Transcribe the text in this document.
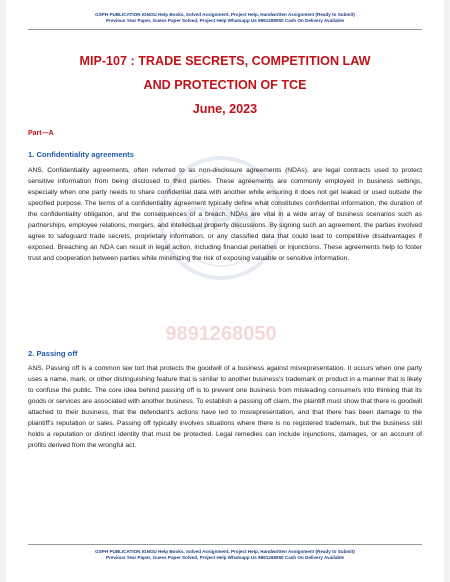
GSPH PUBLICATION IGNOU Help Books, Solved Assignment, Project Help, Handwritten Assignment (Ready to Submit)
Previous Year Paper, Guess Paper Solved, Project Help Whatsapp Us 9891268050 Cash On Delivery Available
GPH
9891268050
MIP-107 : TRADE SECRETS, COMPETITION LAW
AND PROTECTION OF TCE
June, 2023
Part—A
1. Confidentiality agreements

ANS. Confidentiality agreements, often referred to as non-disclosure agreements (NDAs), are legal contracts used to protect sensitive information from being disclosed to third parties. These agreements are commonly employed in business settings, especially when one party needs to share confidential data with another while ensuring it does not get leaked or used outside the specified purpose. The terms of a confidentiality agreement typically define what constitutes confidential information, the duration of the confidentiality obligation, and the consequences of a breach. NDAs are vital in a wide array of business scenarios such as partnerships, employee relations, mergers, and intellectual property discussions. By signing such an agreement, the parties involved agree to safeguard trade secrets, proprietary information, or any classified data that could lead to competitive disadvantages if exposed. Breaching an NDA can result in legal action, including financial penalties or injunctions. These agreements help to foster trust and cooperation between parties while minimizing the risk of exposing valuable or sensitive information.

2. Passing off

ANS. Passing off is a common law tort that protects the goodwill of a business against misrepresentation. It occurs when one party uses a name, mark, or other distinguishing feature that is similar to another business's trademark or product in a manner that is likely to confuse the public. The core idea behind passing off is to prevent one business from misleading consumers into thinking that its goods or services are associated with another business. To establish a passing off claim, the plaintiff must show that there is goodwill attached to their business, that the defendant's actions have led to misrepresentation, and that there has been damage to the plaintiff's reputation or sales. Passing off typically involves situations where there is no registered trademark, but the business still holds a reputation or distinct identity that must be protected. Legal remedies can include injunctions, damages, or an account of profits derived from the wrongful act.

GSPH PUBLICATION IGNOU Help Books, Solved Assignment, Project Help, Handwritten Assignment (Ready to Submit)
Previous Year Paper, Guess Paper Solved, Project Help Whatsapp Us 9891268050 Cash On Delivery Available
